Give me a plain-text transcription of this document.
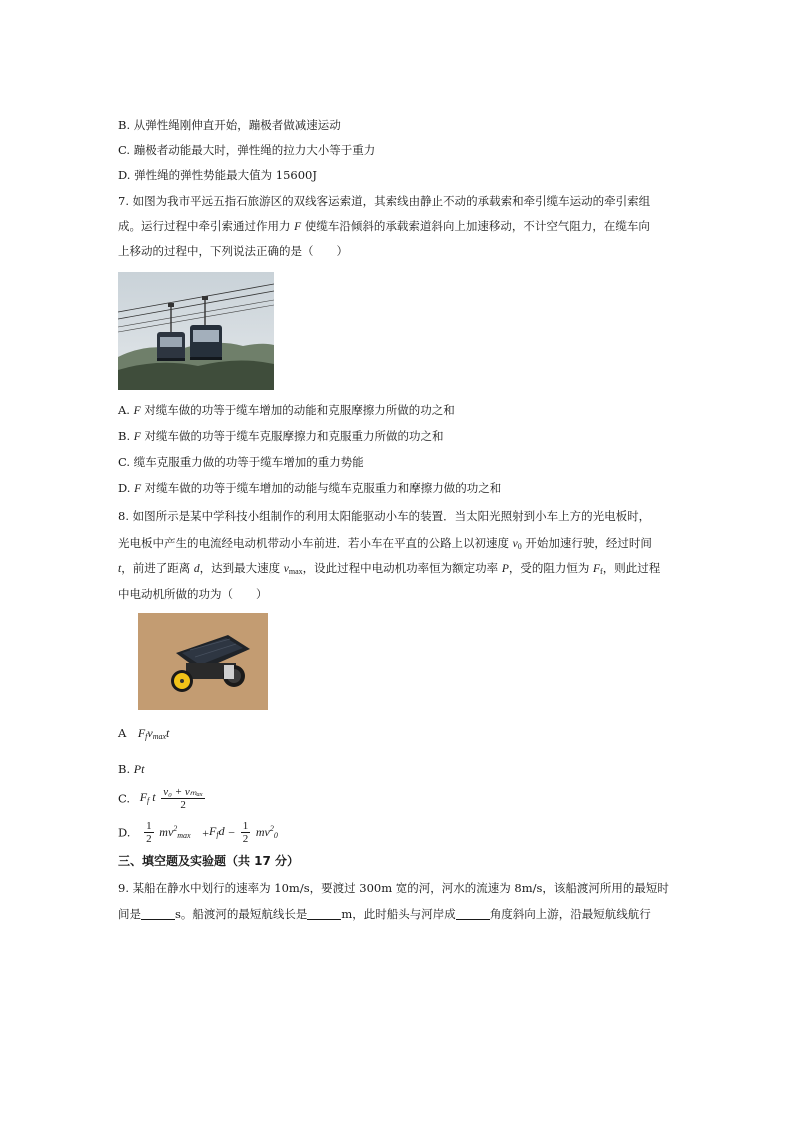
B. 从弹性绳刚伸直开始，蹦极者做减速运动
C. 蹦极者动能最大时，弹性绳的拉力大小等于重力
D. 弹性绳的弹性势能最大值为 15600J
7. 如图为我市平远五指石旅游区的双线客运索道，其索线由静止不动的承载索和牵引缆车运动的牵引索组
成。运行过程中牵引索通过作用力 F 使缆车沿倾斜的承载索道斜向上加速移动，不计空气阻力，在缆车向
上移动的过程中，下列说法正确的是（　　）
A. F 对缆车做的功等于缆车增加的动能和克服摩擦力所做的功之和
B. F 对缆车做的功等于缆车克服摩擦力和克服重力所做的功之和
C. 缆车克服重力做的功等于缆车增加的重力势能
D. F 对缆车做的功等于缆车增加的动能与缆车克服重力和摩擦力做的功之和
8. 如图所示是某中学科技小组制作的利用太阳能驱动小车的装置．当太阳光照射到小车上方的光电板时，
光电板中产生的电流经电动机带动小车前进．若小车在平直的公路上以初速度 $v_0$ 开始加速行驶，经过时间
t，前进了距离 d，达到最大速度 $v_{max}$，设此过程中电动机功率恒为额定功率 P，受的阻力恒为 $F_f$，则此过程
中电动机所做的功为（　　）
A　 $F_fv_{max}t$
B. Pt
C. $F_f$ t $\frac{\text{v₀ + vₘₐₓ}}{2}$
D. $\frac{1}{2} mv^2_{max} +F_fd - \frac{1}{2} mv^2_0$
三、填空题及实验题（共 17 分）
9. 某船在静水中划行的速率为 10m/s，要渡过 300m 宽的河，河水的流速为 8m/s，该船渡河所用的最短时
间是	s。船渡河的最短航线长是	m，此时船头与河岸成	角度斜向上游，沿最短航线航行
